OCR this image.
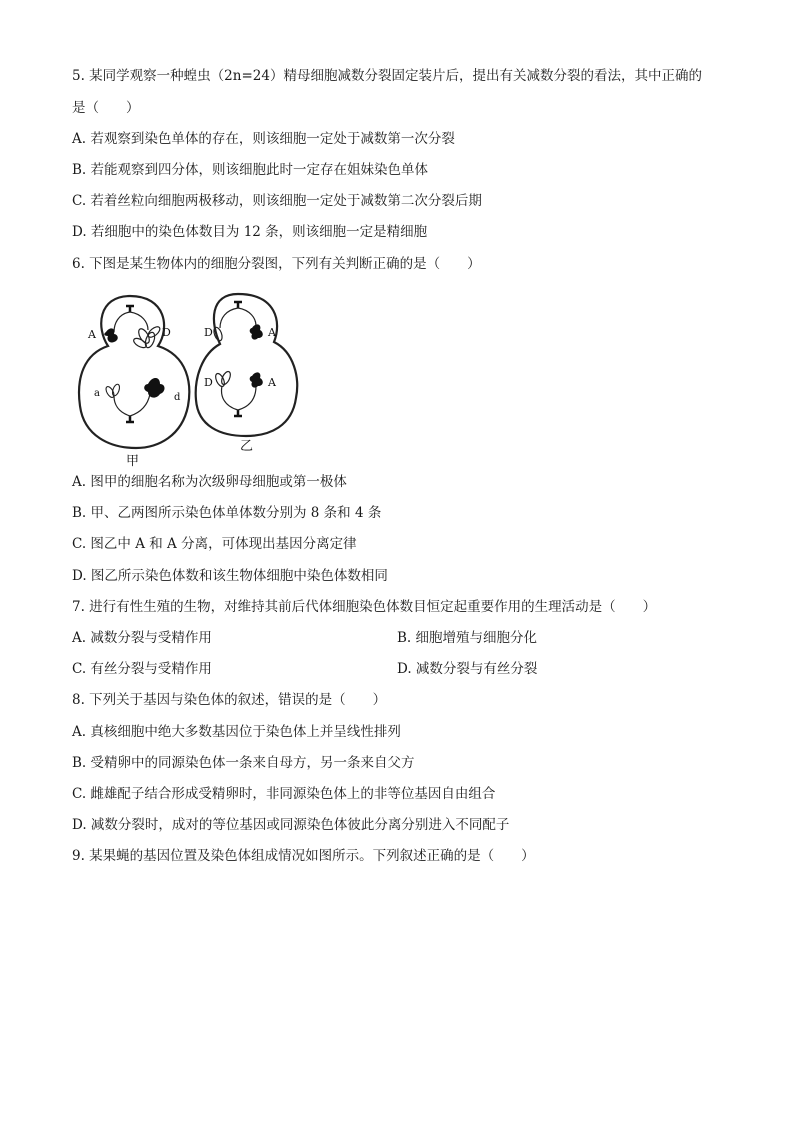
5. 某同学观察一种蝗虫（2n=24）精母细胞减数分裂固定装片后，提出有关减数分裂的看法，其中正确的
是（　　）
A. 若观察到染色单体的存在，则该细胞一定处于减数第一次分裂
B. 若能观察到四分体，则该细胞此时一定存在姐妹染色单体
C. 若着丝粒向细胞两极移动，则该细胞一定处于减数第二次分裂后期
D. 若细胞中的染色体数目为 12 条，则该细胞一定是精细胞
6. 下图是某生物体内的细胞分裂图，下列有关判断正确的是（　　）
A	D
a	d
甲
D	A
D	A
乙
A. 图甲的细胞名称为次级卵母细胞或第一极体
B. 甲、乙两图所示染色体单体数分别为 8 条和 4 条
C. 图乙中 A 和 A 分离，可体现出基因分离定律
D. 图乙所示染色体数和该生物体细胞中染色体数相同
7. 进行有性生殖的生物，对维持其前后代体细胞染色体数目恒定起重要作用的生理活动是（　　）
A. 减数分裂与受精作用	B. 细胞增殖与细胞分化
C. 有丝分裂与受精作用	D. 减数分裂与有丝分裂
8. 下列关于基因与染色体的叙述，错误的是（　　）
A. 真核细胞中绝大多数基因位于染色体上并呈线性排列
B. 受精卵中的同源染色体一条来自母方，另一条来自父方
C. 雌雄配子结合形成受精卵时，非同源染色体上的非等位基因自由组合
D. 减数分裂时，成对的等位基因或同源染色体彼此分离分别进入不同配子
9. 某果蝇的基因位置及染色体组成情况如图所示。下列叙述正确的是（　　）
